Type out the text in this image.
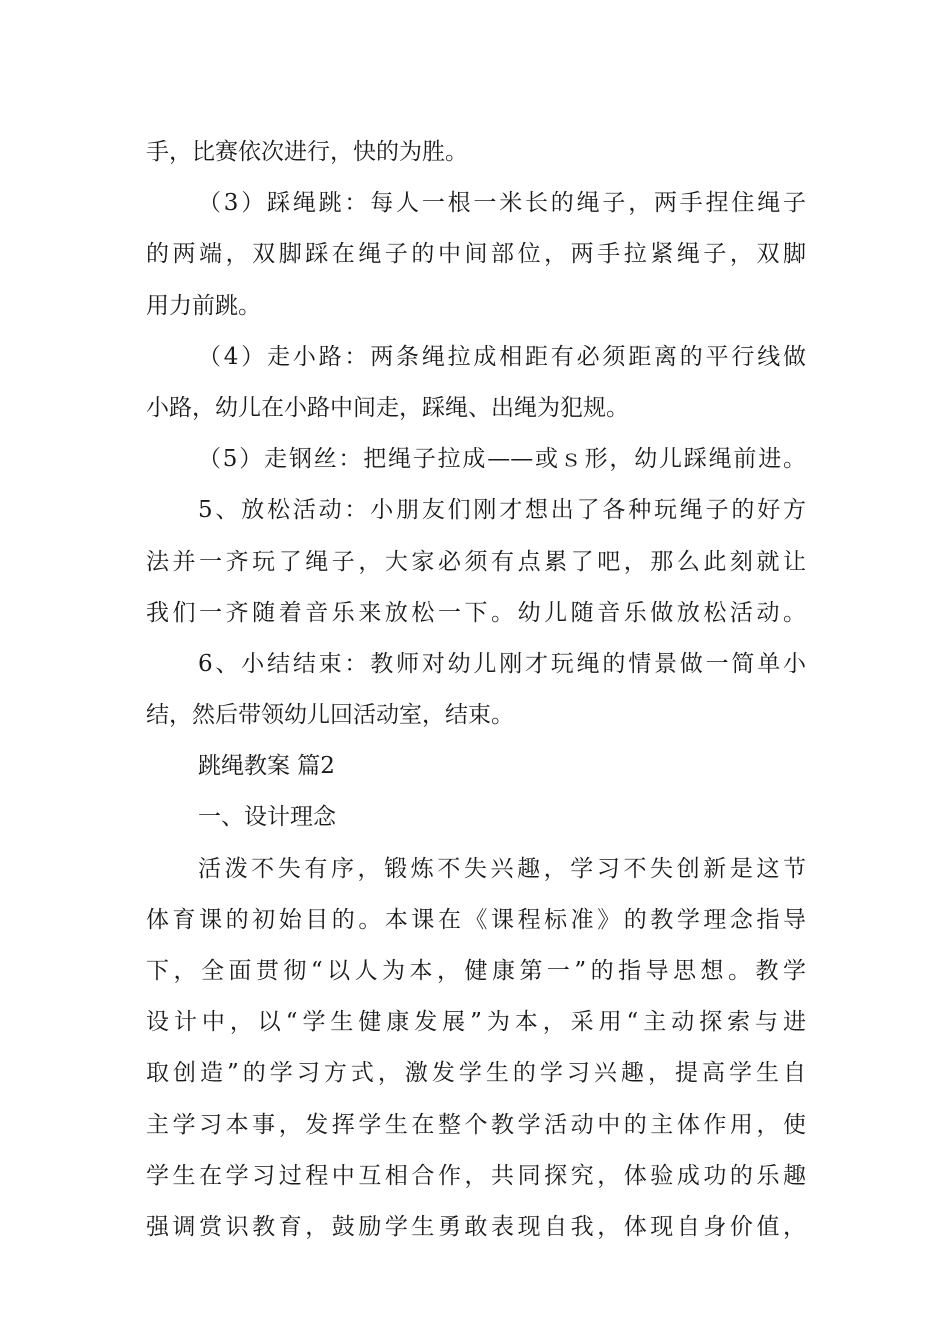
手，比赛依次进行，快的为胜。
（3）踩绳跳：每人一根一米长的绳子，两手捏住绳子
的两端，双脚踩在绳子的中间部位，两手拉紧绳子，双脚
用力前跳。
（4）走小路：两条绳拉成相距有必须距离的平行线做
小路，幼儿在小路中间走，踩绳、出绳为犯规。
（5）走钢丝：把绳子拉成——或ｓ形，幼儿踩绳前进。
5、放松活动：小朋友们刚才想出了各种玩绳子的好方
法并一齐玩了绳子，大家必须有点累了吧，那么此刻就让
我们一齐随着音乐来放松一下。幼儿随音乐做放松活动。
6、小结结束：教师对幼儿刚才玩绳的情景做一简单小
结，然后带领幼儿回活动室，结束。
跳绳教案 篇2
一、设计理念
活泼不失有序，锻炼不失兴趣，学习不失创新是这节
体育课的初始目的。本课在《课程标准》的教学理念指导
下，全面贯彻“以人为本，健康第一”的指导思想。教学
设计中，以“学生健康发展”为本，采用“主动探索与进
取创造”的学习方式，激发学生的学习兴趣，提高学生自
主学习本事，发挥学生在整个教学活动中的主体作用，使
学生在学习过程中互相合作，共同探究，体验成功的乐趣
强调赏识教育，鼓励学生勇敢表现自我，体现自身价值，
